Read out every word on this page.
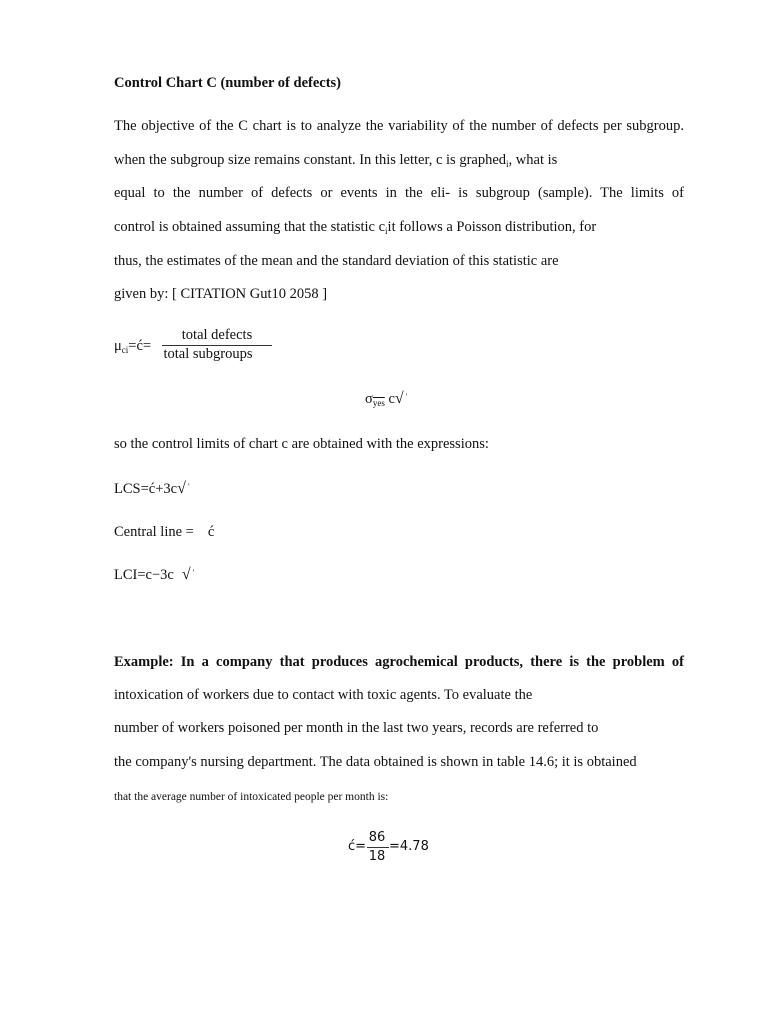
Control Chart C (number of defects)
The objective of the C chart is to analyze the variability of the number of defects per subgroup.
when the subgroup size remains constant. In this letter, c is graphed$_i$, what is
equal to the number of defects or events in the eli- is subgroup (sample). The limits of
control is obtained assuming that the statistic $c_iit$ follows a Poisson distribution, for
thus, the estimates of the mean and the standard deviation of this statistic are
given by: [ CITATION Gut10 2058 ]
$\mu_{ci}=ć=$
total defects
total subgroups
$\sigma_{\overline{yes}}$ c√ '
so the control limits of chart c are obtained with the expressions:
LCS=ć+3c√ '
Central line = ć
LCI=c−3c √ '
Example: In a company that produces agrochemical products, there is the problem of
intoxication of workers due to contact with toxic agents. To evaluate the
number of workers poisoned per month in the last two years, records are referred to
the company's nursing department. The data obtained is shown in table 14.6; it is obtained
that the average number of intoxicated people per month is:
ć=
86
18
=4.78
